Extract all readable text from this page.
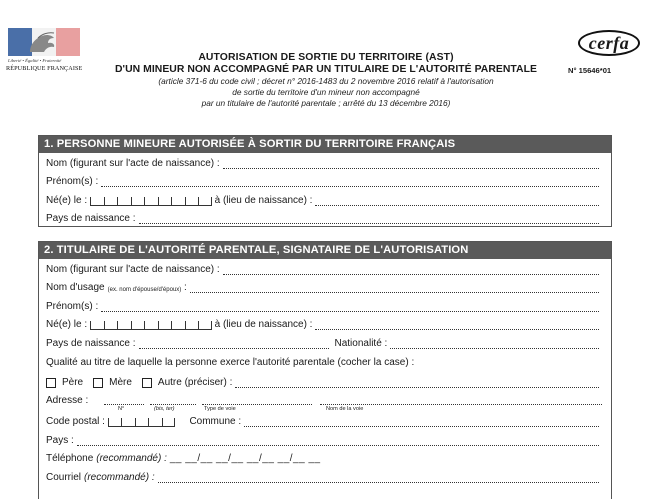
Liberté • Égalité • Fraternité
RÉPUBLIQUE FRANÇAISE
AUTORISATION DE SORTIE DU TERRITOIRE (AST)
D'UN MINEUR NON ACCOMPAGNÉ PAR UN TITULAIRE DE L'AUTORITÉ PARENTALE
(article 371-6 du code civil ; décret n° 2016-1483 du 2 novembre 2016 relatif à l'autorisation
de sortie du territoire d'un mineur non accompagné
par un titulaire de l'autorité parentale ; arrêté du 13 décembre 2016)
cerfa
N° 15646*01
1. PERSONNE MINEURE AUTORISÉE À SORTIR DU TERRITOIRE FRANÇAIS
Nom (figurant sur l'acte de naissance) :
Prénom(s) :
Né(e) le :	à (lieu de naissance) :
Pays de naissance :
2. TITULAIRE DE L'AUTORITÉ PARENTALE, SIGNATAIRE DE L'AUTORISATION
Nom (figurant sur l'acte de naissance) :
Nom d'usage (ex. nom d'épouse/d'époux) :
Prénom(s) :
Né(e) le :	à (lieu de naissance) :
Pays de naissance :	Nationalité :
Qualité au titre de laquelle la personne exerce l'autorité parentale (cocher la case) :
Père	Mère	Autre (préciser) :
Adresse :
N°	(bis, ter)	Type de voie	Nom de la voie
Code postal :	Commune :
Pays :
Téléphone (recommandé) : __ __/__ __/__ __/__ __/__ __
Courriel (recommandé) :
